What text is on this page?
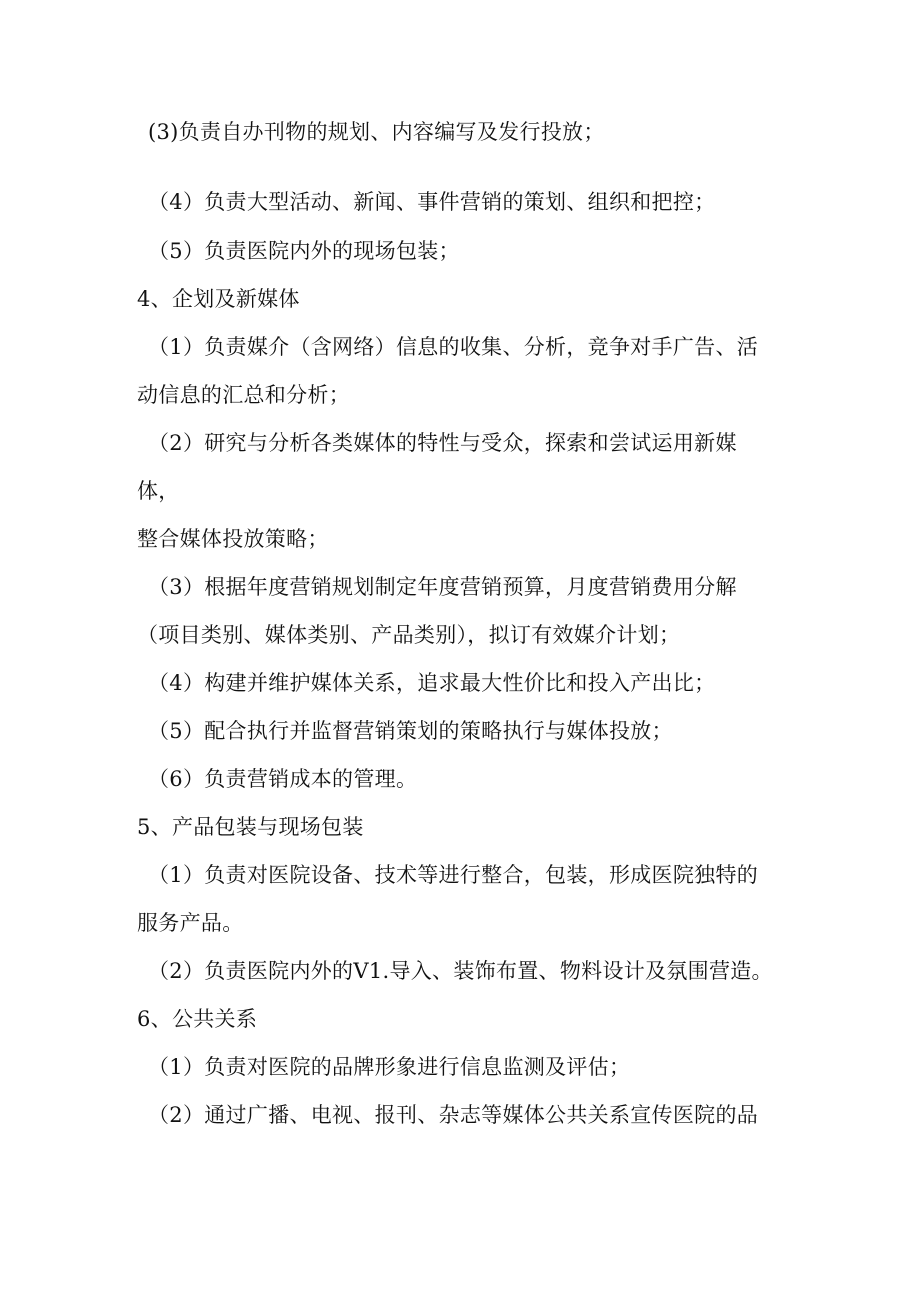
(3)负责自办刊物的规划、内容编写及发行投放；
（4）负责大型活动、新闻、事件营销的策划、组织和把控；
（5）负责医院内外的现场包装；
4、企划及新媒体
（1）负责媒介（含网络）信息的收集、分析，竞争对手广告、活
动信息的汇总和分析；
（2）研究与分析各类媒体的特性与受众，探索和尝试运用新媒
体，
整合媒体投放策略；
（3）根据年度营销规划制定年度营销预算，月度营销费用分解
（项目类别、媒体类别、产品类别），拟订有效媒介计划；
（4）构建并维护媒体关系，追求最大性价比和投入产出比；
（5）配合执行并监督营销策划的策略执行与媒体投放；
（6）负责营销成本的管理。
5、产品包装与现场包装
（1）负责对医院设备、技术等进行整合，包装，形成医院独特的
服务产品。
（2）负责医院内外的V1.导入、装饰布置、物料设计及氛围营造。
6、公共关系
（1）负责对医院的品牌形象进行信息监测及评估；
（2）通过广播、电视、报刊、杂志等媒体公共关系宣传医院的品
